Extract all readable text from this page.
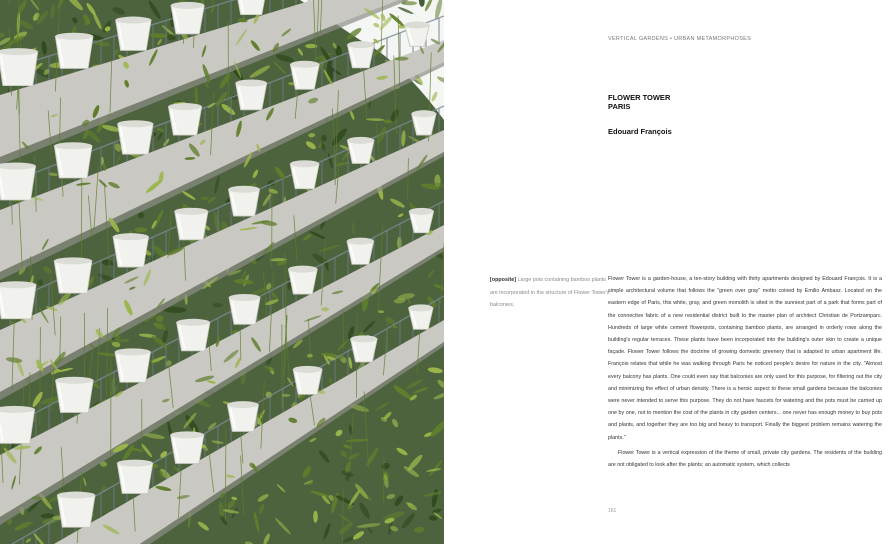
VERTICAL GARDENS • URBAN METAMORPHOSES
FLOWER TOWER
PARIS
Edouard François
[opposite] Large pots containing bamboo plants are incorporated in the structure of Flower Tower's balconies.

Flower Tower is a garden-house, a ten-story building with thirty apartments designed by Edouard François. It is a simple architectural volume that follows the "green over gray" motto coined by Emilio Ambasz. Located on the eastern edge of Paris, this white, gray, and green monolith is sited in the sunniest part of a park that forms part of the connective fabric of a new residential district built to the master plan of architect Christian de Portzamparc. Hundreds of large white cement flowerpots, containing bamboo plants, are arranged in orderly rows along the building's regular terraces. These plants have been incorporated into the building's outer skin to create a unique façade. Flower Tower follows the doctrine of growing domestic greenery that is adapted to urban apartment life. François relates that while he was walking through Paris he noticed people's desire for nature in the city. "Almost every balcony has plants. One could even say that balconies are only used for this purpose, for filtering out the city and minimizing the effect of urban density. There is a heroic aspect to these small gardens because the balconies were never intended to serve this purpose. They do not have faucets for watering and the pots must be carried up one by one, not to mention the cost of the plants in city garden centers... one never has enough money to buy pots and plants, and together they are too big and heavy to transport. Finally the biggest problem remains watering the plants."

Flower Tower is a vertical expression of the theme of small, private city gardens. The residents of the building are not obligated to look after the plants; an automatic system, which collects

161
